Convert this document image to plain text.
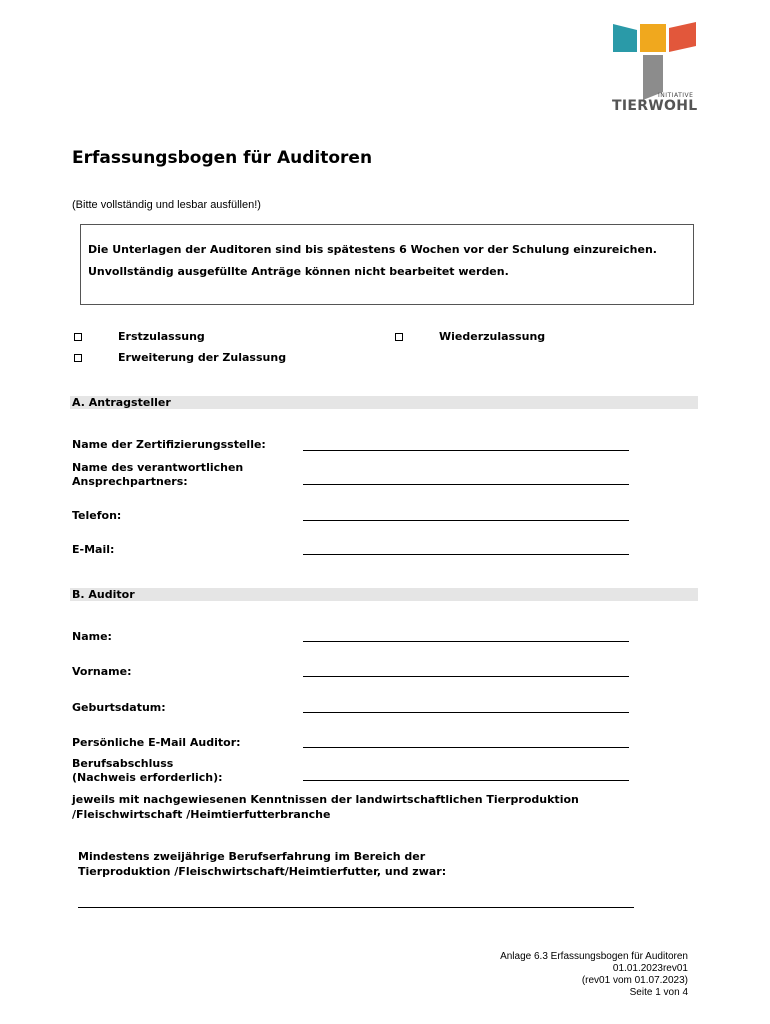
INITIATIVE
TIERWOHL
Erfassungsbogen für Auditoren
(Bitte vollständig und lesbar ausfüllen!)
Die Unterlagen der Auditoren sind bis spätestens 6 Wochen vor der Schulung einzureichen.
Unvollständig ausgefüllte Anträge können nicht bearbeitet werden.
Erstzulassung	Wiederzulassung
Erweiterung der Zulassung
A. Antragsteller
Name der Zertifizierungsstelle:
Name des verantwortlichen Ansprechpartners:
Telefon:
E-Mail:
B. Auditor
Name:
Vorname:
Geburtsdatum:
Persönliche E-Mail Auditor:
Berufsabschluss (Nachweis erforderlich):
jeweils mit nachgewiesenen Kenntnissen der landwirtschaftlichen Tierproduktion /Fleischwirtschaft /Heimtierfutterbranche
Mindestens zweijährige Berufserfahrung im Bereich der Tierproduktion /Fleischwirtschaft/Heimtierfutter, und zwar:
Anlage 6.3 Erfassungsbogen für Auditoren
01.01.2023rev01
(rev01 vom 01.07.2023)
Seite 1 von 4
